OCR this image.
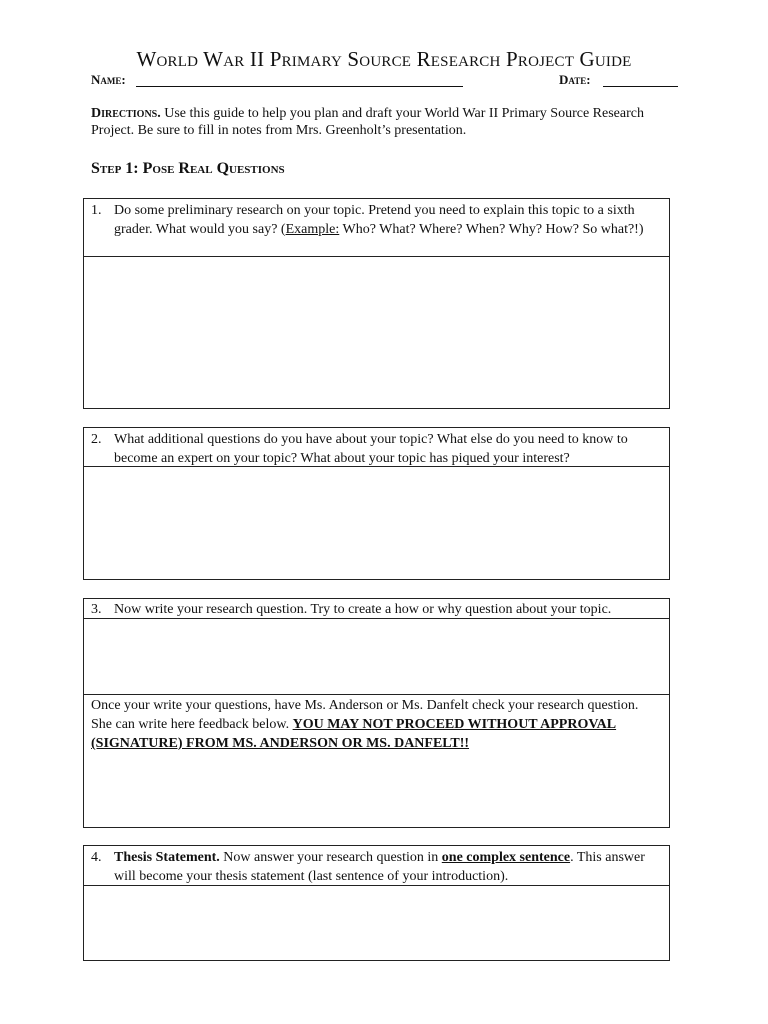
World War II Primary Source Research Project Guide
Name:	Date:
Directions. Use this guide to help you plan and draft your World War II Primary Source Research Project. Be sure to fill in notes from Mrs. Greenholt’s presentation.
Step 1: Pose Real Questions
1. Do some preliminary research on your topic. Pretend you need to explain this topic to a sixth grader. What would you say? (Example: Who? What? Where? When? Why? How? So what?!)
2. What additional questions do you have about your topic? What else do you need to know to become an expert on your topic? What about your topic has piqued your interest?
3. Now write your research question. Try to create a how or why question about your topic.
Once your write your questions, have Ms. Anderson or Ms. Danfelt check your research question. She can write here feedback below. YOU MAY NOT PROCEED WITHOUT APPROVAL (SIGNATURE) FROM MS. ANDERSON OR MS. DANFELT!!
4. Thesis Statement. Now answer your research question in one complex sentence. This answer will become your thesis statement (last sentence of your introduction).
